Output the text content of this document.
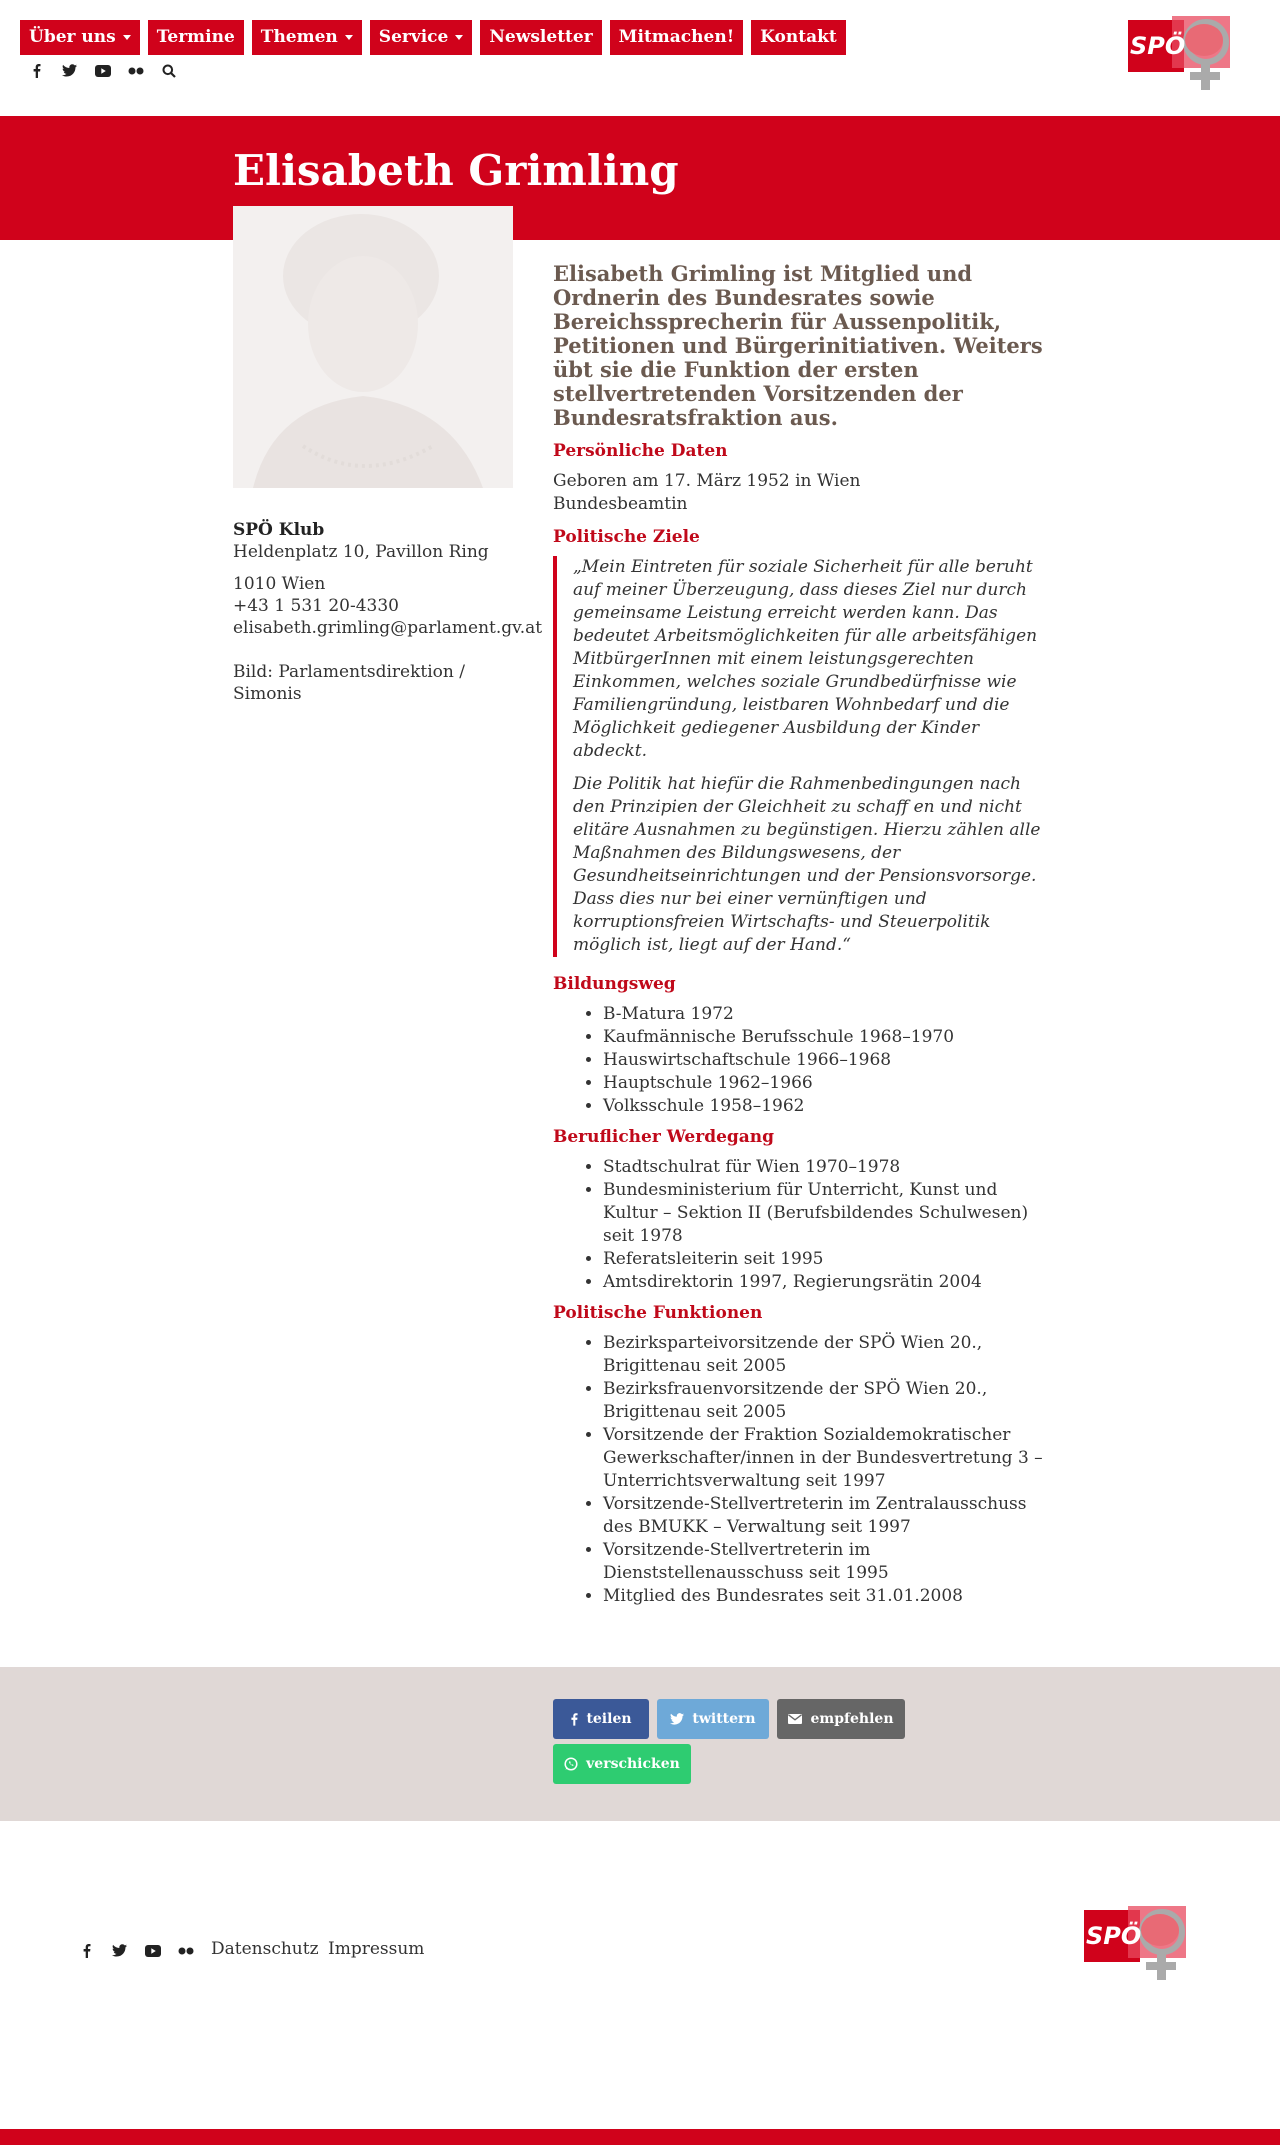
Über uns	Termine	Themen	Service	Newsletter	Mitmachen!	Kontakt	SPÖ
Elisabeth Grimling

SPÖ Klub

Heldenplatz 10, Pavillon Ring

1010 Wien

+43 1 531 20-4330

elisabeth.grimling@parlament.gv.at

Bild: Parlamentsdirektion /

Simonis

Elisabeth Grimling ist Mitglied und Ordnerin des Bundesrates sowie Bereichssprecherin für Aussenpolitik, Petitionen und Bürgerinitiativen. Weiters übt sie die Funktion der ersten stellvertretenden Vorsitzenden der Bundesratsfraktion aus.

Persönliche Daten

Geboren am 17. März 1952 in Wien
Bundesbeamtin

Politische Ziele

„Mein Eintreten für soziale Sicherheit für alle beruht auf meiner Überzeugung, dass dieses Ziel nur durch gemeinsame Leistung erreicht werden kann. Das bedeutet Arbeitsmöglichkeiten für alle arbeitsfähigen MitbürgerInnen mit einem leistungsgerechten Einkommen, welches soziale Grundbedürfnisse wie Familiengründung, leistbaren Wohnbedarf und die Möglichkeit gediegener Ausbildung der Kinder abdeckt.

Die Politik hat hiefür die Rahmenbedingungen nach den Prinzipien der Gleichheit zu schaff en und nicht elitäre Ausnahmen zu begünstigen. Hierzu zählen alle Maßnahmen des Bildungswesens, der Gesundheitseinrichtungen und der Pensionsvorsorge. Dass dies nur bei einer vernünftigen und korruptionsfreien Wirtschafts- und Steuerpolitik möglich ist, liegt auf der Hand.“

Bildungsweg

• B-Matura 1972
• Kaufmännische Berufsschule 1968–1970
• Hauswirtschaftschule 1966–1968
• Hauptschule 1962–1966
• Volksschule 1958–1962

Beruflicher Werdegang

• Stadtschulrat für Wien 1970–1978
• Bundesministerium für Unterricht, Kunst und Kultur – Sektion II (Berufsbildendes Schulwesen) seit 1978
• Referatsleiterin seit 1995
• Amtsdirektorin 1997, Regierungsrätin 2004

Politische Funktionen

• Bezirksparteivorsitzende der SPÖ Wien 20., Brigittenau seit 2005
• Bezirksfrauenvorsitzende der SPÖ Wien 20., Brigittenau seit 2005
• Vorsitzende der Fraktion Sozialdemokratischer Gewerkschafter/innen in der Bundesvertretung 3 – Unterrichtsverwaltung seit 1997
• Vorsitzende-Stellvertreterin im Zentralausschuss des BMUKK – Verwaltung seit 1997
• Vorsitzende-Stellvertreterin im Dienststellenausschuss seit 1995
• Mitglied des Bundesrates seit 31.01.2008
teilen	twittern	empfehlen
verschicken
Datenschutz Impressum	SPÖ
